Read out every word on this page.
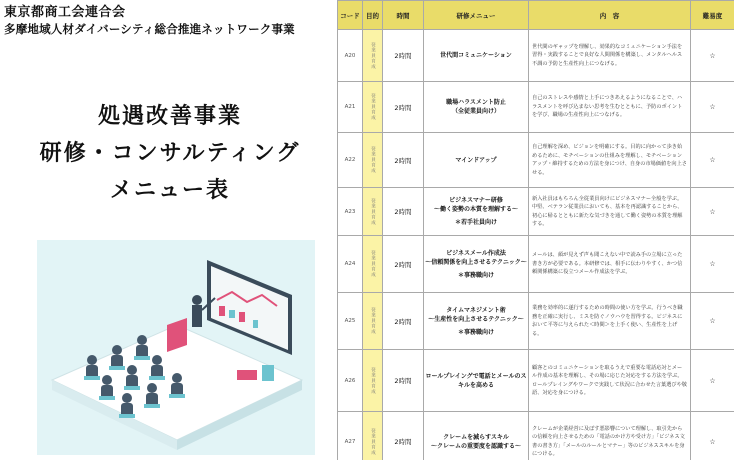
東京都商工会連合会
多摩地域人材ダイバーシティ総合推進ネットワーク事業
処遇改善事業
研修・コンサルティング
メニュー表
コード	目的	時間	研修メニュー	内　容	難易度
A20	従業員育成	2時間	世代間コミュニケーション	世代間のギャップを理解し、効果的なコミュニケーション手法を習得・実践することで良好な人間関係を構築し、メンタルヘルス不調の予防と生産性向上につなげる。	☆
A21	従業員育成	2時間	職場ハラスメント防止
（全従業員向け）	自己のストレスや感情と上手につきあえるようになることで、ハラスメントを呼び込まない思考を生むとともに、予防のポイントを学び、職場の生産性向上につなげる。	☆
A22	従業員育成	2時間	マインドアップ	自己理解を深め、ビジョンを明確にする。目的に向かって歩き始めるために、モチベーションの仕組みを理解し、モチベーションアップ・維持するための方法を身につけ、自身の市場価値を向上させる。	☆
A23	従業員育成	2時間	ビジネスマナー研修
～働く姿勢の本質を理解する～
＊若手社員向け	新入社員はもちろん全従業員向けにビジネスマナー全般を学ぶ。中堅、ベテラン従業員においても、基本を再認識することから、初心に帰るとともに新たな気づきを通して働く姿勢の本質を理解する。	☆
A24	従業員育成	2時間	ビジネスメール作成法
～信頼関係を向上させるテクニック～
＊事務職向け	メールは、顔が見えず声も聞こえない中で読み手の立場に立った書き方が必要である。本研修では、相手に伝わりやすく、かつ信頼関係構築に役立つメール作成法を学ぶ。	☆
A25	従業員育成	2時間	タイムマネジメント術
～生産性を向上させるテクニック～
＊事務職向け	業務を効率的に遂行するための時間の使い方を学ぶ。行うべき職務を正確に実行し、ミスを防ぐノウハウを習得する。ビジネスにおいて平等に与えられた＜時間＞を上手く使い、生産性を上げる。	☆
A26	従業員育成	2時間	ロールプレイングで電話とメールのスキルを高める	顧客とのコミュニケーションを取るうえで重要な電話応対とメール作成の基本を理解し、その場に応じた対応をする方法を学ぶ。ロールプレイングやワークで実践して状況に合わせた言葉選びや敬語、対応を身につける。	☆
A27	従業員育成	2時間	クレームを減らすスキル
～クレームの重要度を認識する～	クレームが企業経営に及ぼす悪影響について理解し、取引先からの信頼を向上させるための「電話のかけ方や受け方」「ビジネス文書の書き方」「メールのルールとマナー」等のビジネススキルを身につける。	☆
